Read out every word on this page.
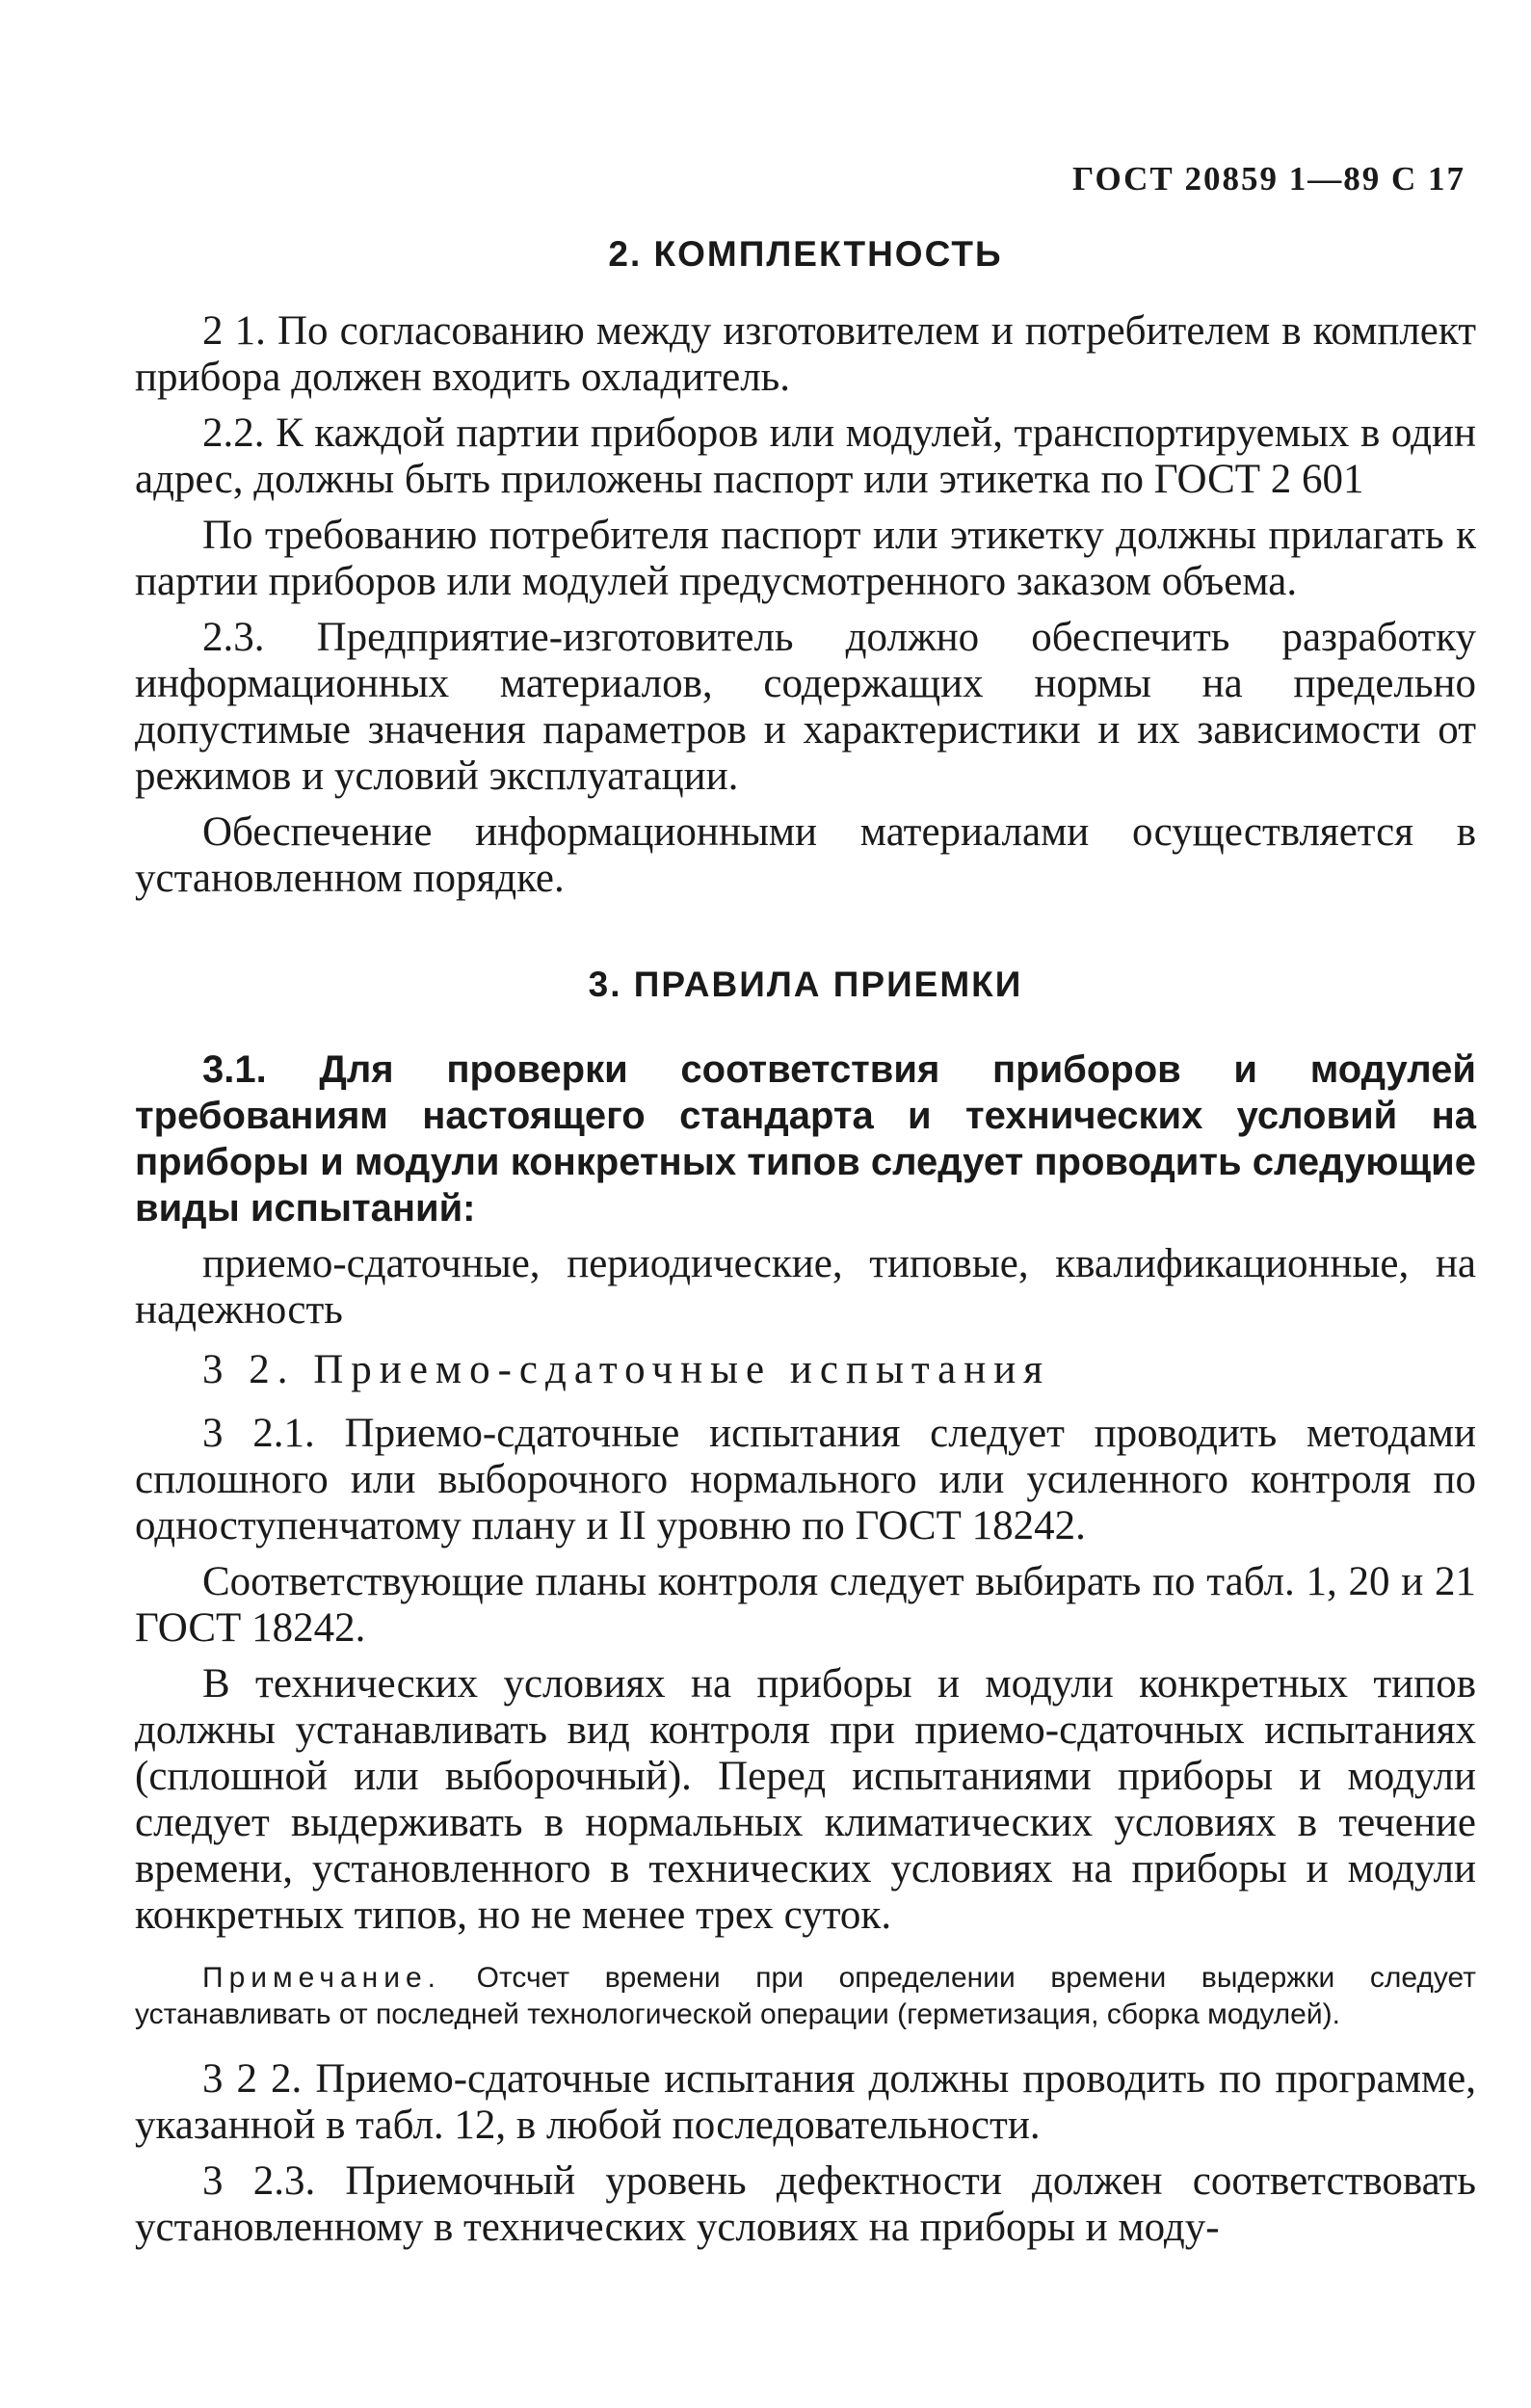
ГОСТ 20859 1—89 С 17
2. КОМПЛЕКТНОСТЬ

2 1. По согласованию между изготовителем и потребителем в комплект прибора должен входить охладитель.

2.2. К каждой партии приборов или модулей, транспортируемых в один адрес, должны быть приложены паспорт или этикетка по ГОСТ 2 601

По требованию потребителя паспорт или этикетку должны прилагать к партии приборов или модулей предусмотренного заказом объема.

2.3. Предприятие-изготовитель должно обеспечить разработку информационных материалов, содержащих нормы на предельно допустимые значения параметров и характеристики и их зависимости от режимов и условий эксплуатации.

Обеспечение информационными материалами осуществляется в установленном порядке.

3. ПРАВИЛА ПРИЕМКИ

3.1. Для проверки соответствия приборов и модулей требованиям настоящего стандарта и технических условий на приборы и модули конкретных типов следует проводить следующие виды испытаний:

приемо-сдаточные, периодические, типовые, квалификационные, на надежность

3 2. Приемо-сдаточные испытания

3 2.1. Приемо-сдаточные испытания следует проводить методами сплошного или выборочного нормального или усиленного контроля по одноступенчатому плану и II уровню по ГОСТ 18242.

Соответствующие планы контроля следует выбирать по табл. 1, 20 и 21 ГОСТ 18242.

В технических условиях на приборы и модули конкретных типов должны устанавливать вид контроля при приемо-сдаточных испытаниях (сплошной или выборочный). Перед испытаниями приборы и модули следует выдерживать в нормальных климатических условиях в течение времени, установленного в технических условиях на приборы и модули конкретных типов, но не менее трех суток.

Примечание. Отсчет времени при определении времени выдержки следует устанавливать от последней технологической операции (герметизация, сборка модулей).

3 2 2. Приемо-сдаточные испытания должны проводить по программе, указанной в табл. 12, в любой последовательности.

3 2.3. Приемочный уровень дефектности должен соответствовать установленному в технических условиях на приборы и моду-
